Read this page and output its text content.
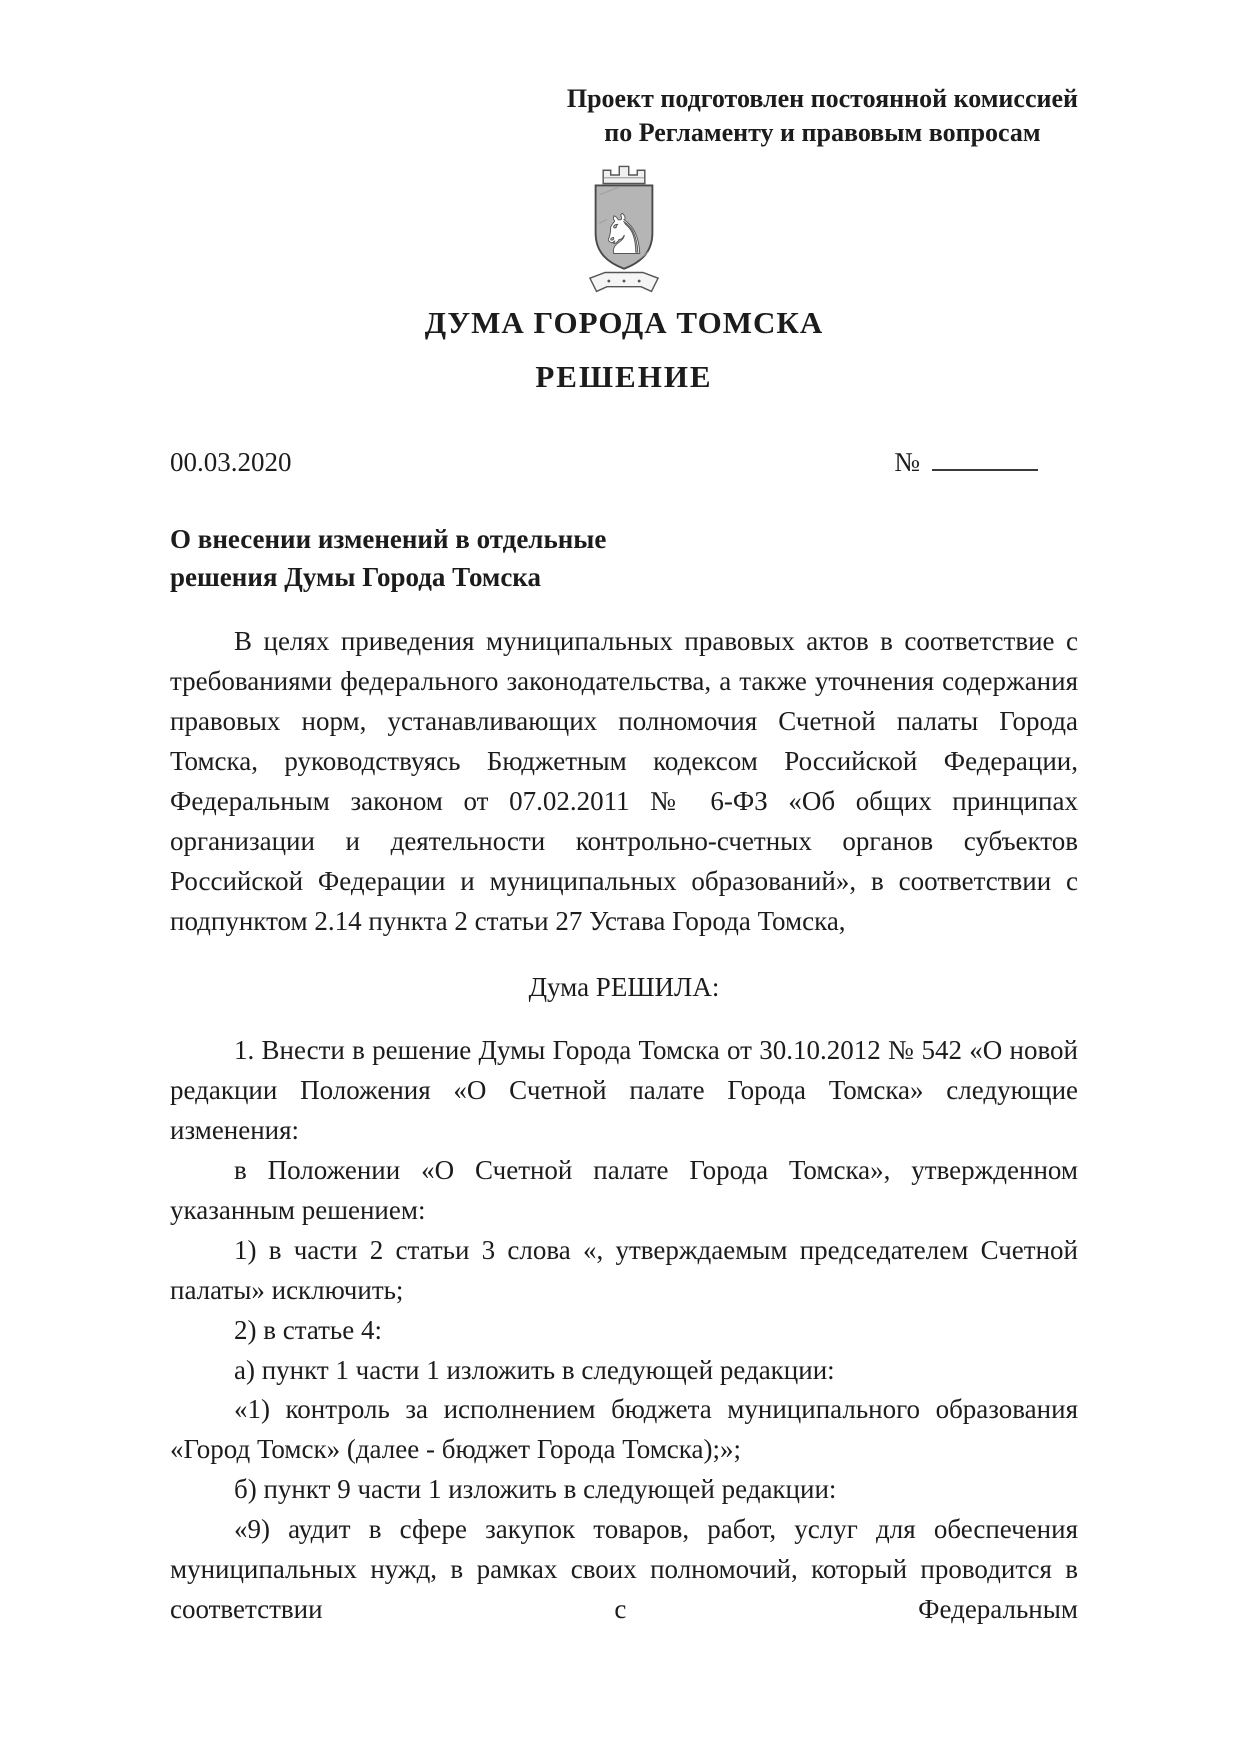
Проект подготовлен постоянной комиссией
по Регламенту и правовым вопросам
♞
ДУМА ГОРОДА ТОМСКА
РЕШЕНИЕ
00.03.2020	№
О внесении изменений в отдельные
решения Думы Города Томска

В целях приведения муниципальных правовых актов в соответствие с требованиями федерального законодательства, а также уточнения содержания правовых норм, устанавливающих полномочия Счетной палаты Города Томска, руководствуясь Бюджетным кодексом Российской Федерации, Федеральным законом от 07.02.2011 № 6-ФЗ «Об общих принципах организации и деятельности контрольно-счетных органов субъектов Российской Федерации и муниципальных образований», в соответствии с подпунктом 2.14 пункта 2 статьи 27 Устава Города Томска,

Дума РЕШИЛА:

1. Внести в решение Думы Города Томска от 30.10.2012 № 542 «О новой редакции Положения «О Счетной палате Города Томска» следующие изменения:

в Положении «О Счетной палате Города Томска», утвержденном указанным решением:

1) в части 2 статьи 3 слова «, утверждаемым председателем Счетной палаты» исключить;

2) в статье 4:

а) пункт 1 части 1 изложить в следующей редакции:

«1) контроль за исполнением бюджета муниципального образования «Город Томск» (далее - бюджет Города Томска);»;

б) пункт 9 части 1 изложить в следующей редакции:

«9) аудит в сфере закупок товаров, работ, услуг для обеспечения муниципальных нужд, в рамках своих полномочий, который проводится в соответствии с Федеральным
